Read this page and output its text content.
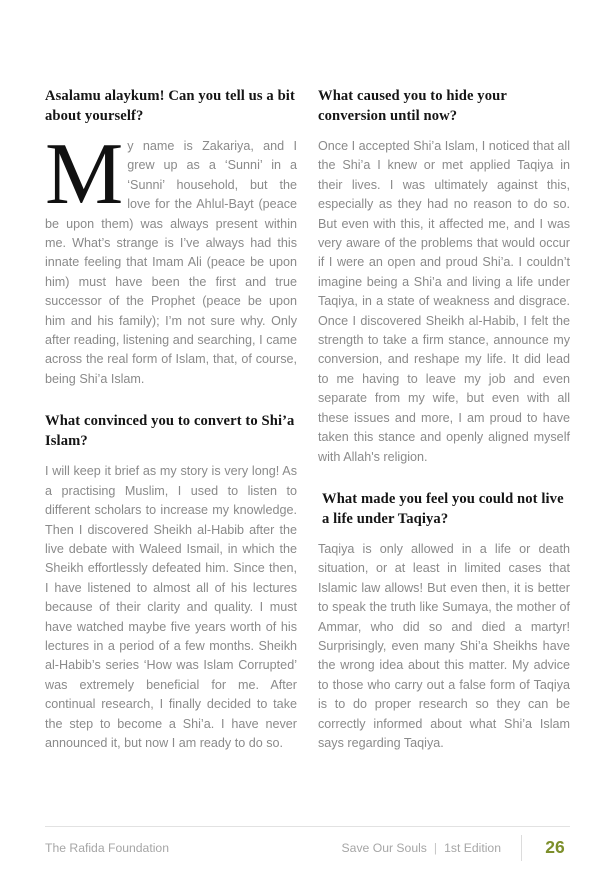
Asalamu alaykum! Can you tell us a bit about yourself?

My name is Zakariya, and I grew up as a ‘Sunni’ in a ‘Sunni’ household, but the love for the Ahlul-Bayt (peace be upon them) was always present within me. What’s strange is I’ve always had this innate feeling that Imam Ali (peace be upon him) must have been the first and true successor of the Prophet (peace be upon him and his family); I’m not sure why. Only after reading, listening and searching, I came across the real form of Islam, that, of course, being Shi’a Islam.

What convinced you to convert to Shi’a Islam?

I will keep it brief as my story is very long! As a practising Muslim, I used to listen to different scholars to increase my knowledge. Then I discovered Sheikh al-Habib after the live debate with Waleed Ismail, in which the Sheikh effortlessly defeated him. Since then, I have listened to almost all of his lectures because of their clarity and quality. I must have watched maybe five years worth of his lectures in a period of a few months. Sheikh al-Habib’s series ‘How was Islam Corrupted’ was extremely beneficial for me. After continual research, I finally decided to take the step to become a Shi’a. I have never announced it, but now I am ready to do so.

What caused you to hide your conversion until now?

Once I accepted Shi’a Islam, I noticed that all the Shi’a I knew or met applied Taqiya in their lives. I was ultimately against this, especially as they had no reason to do so. But even with this, it affected me, and I was very aware of the problems that would occur if I were an open and proud Shi’a. I couldn’t imagine being a Shi’a and living a life under Taqiya, in a state of weakness and disgrace. Once I discovered Sheikh al-Habib, I felt the strength to take a firm stance, announce my conversion, and reshape my life. It did lead to me having to leave my job and even separate from my wife, but even with all these issues and more, I am proud to have taken this stance and openly aligned myself with Allah's religion.

What made you feel you could not live a life under Taqiya?

Taqiya is only allowed in a life or death situation, or at least in limited cases that Islamic law allows! But even then, it is better to speak the truth like Sumaya, the mother of Ammar, who did so and died a martyr! Surprisingly, even many Shi’a Sheikhs have the wrong idea about this matter. My advice to those who carry out a false form of Taqiya is to do proper research so they can be correctly informed about what Shi’a Islam says regarding Taqiya.

The Rafida Foundation	Save Our Souls | 1st Edition	26
